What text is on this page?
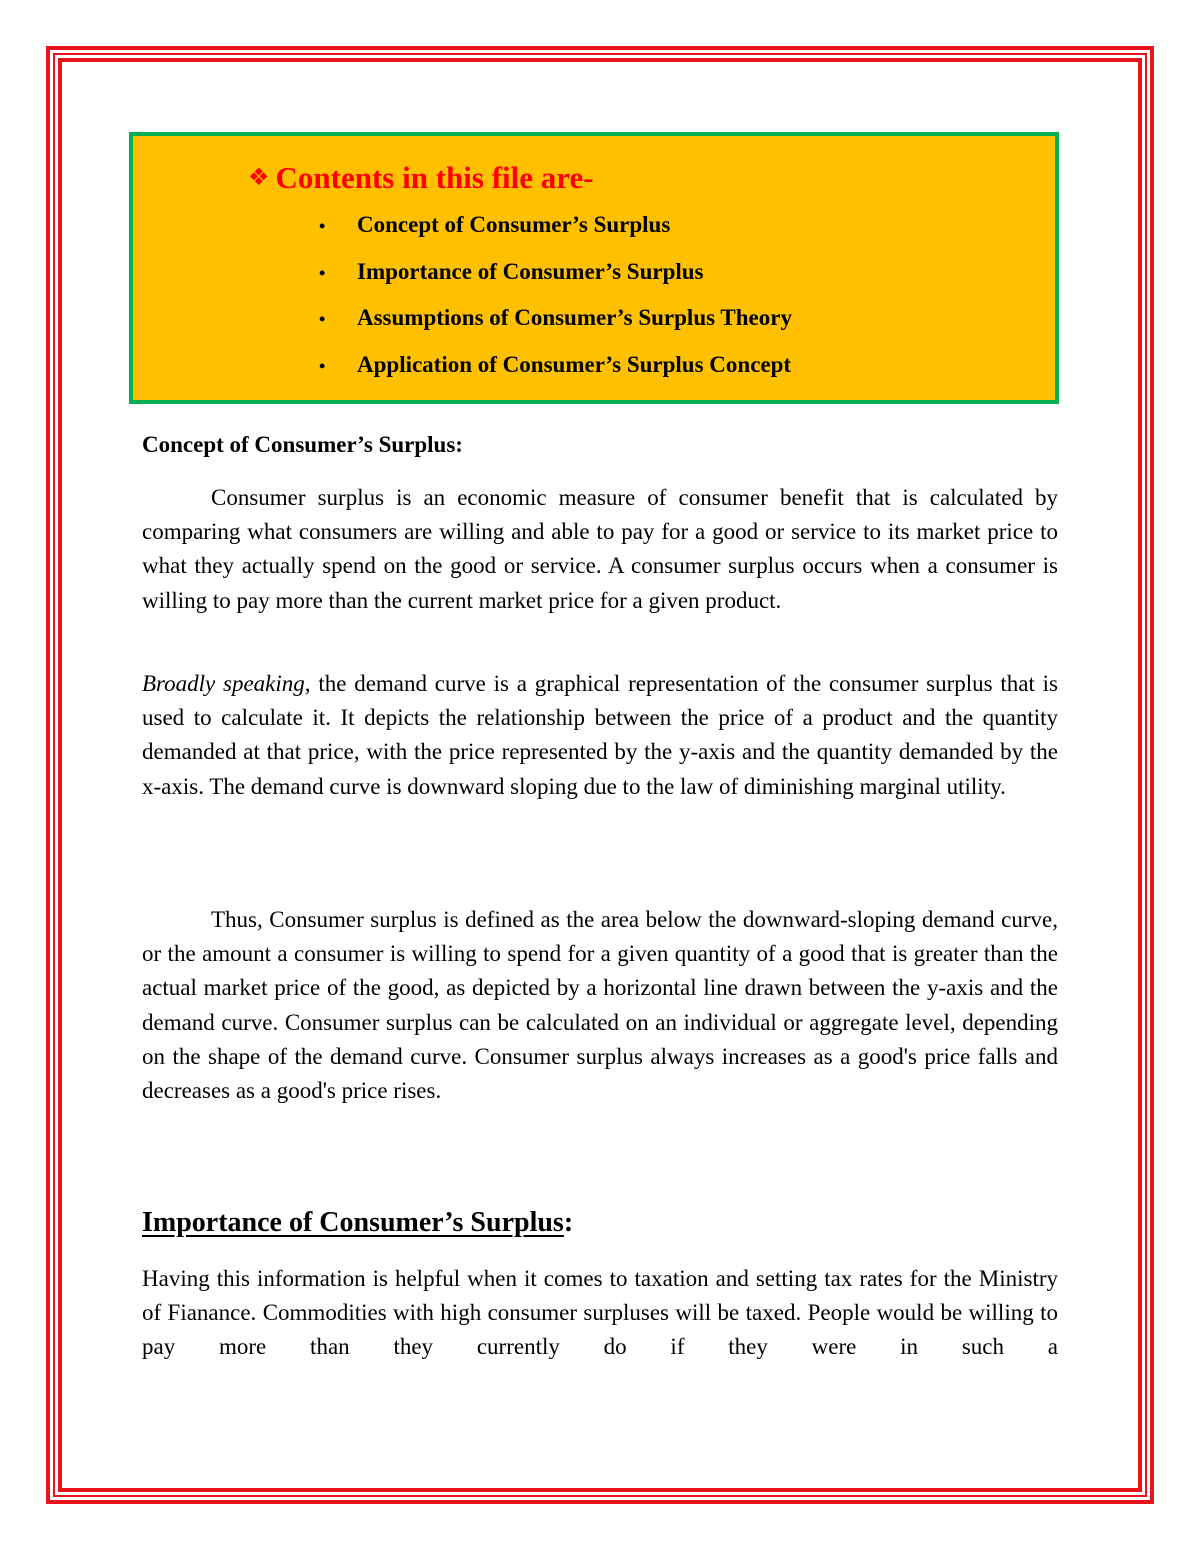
❖ Contents in this file are-
• Concept of Consumer’s Surplus
• Importance of Consumer’s Surplus
• Assumptions of Consumer’s Surplus Theory
• Application of Consumer’s Surplus Concept
Concept of Consumer’s Surplus:
Consumer surplus is an economic measure of consumer benefit that is calculated by comparing what consumers are willing and able to pay for a good or service to its market price to what they actually spend on the good or service. A consumer surplus occurs when a consumer is willing to pay more than the current market price for a given product.
Broadly speaking, the demand curve is a graphical representation of the consumer surplus that is used to calculate it. It depicts the relationship between the price of a product and the quantity demanded at that price, with the price represented by the y-axis and the quantity demanded by the x-axis. The demand curve is downward sloping due to the law of diminishing marginal utility.
Thus, Consumer surplus is defined as the area below the downward-sloping demand curve, or the amount a consumer is willing to spend for a given quantity of a good that is greater than the actual market price of the good, as depicted by a horizontal line drawn between the y-axis and the demand curve. Consumer surplus can be calculated on an individual or aggregate level, depending on the shape of the demand curve. Consumer surplus always increases as a good's price falls and decreases as a good's price rises.
Importance of Consumer’s Surplus:
Having this information is helpful when it comes to taxation and setting tax rates for the Ministry of Fianance. Commodities with high consumer surpluses will be taxed. People would be willing to pay more than they currently do if they were in such a
